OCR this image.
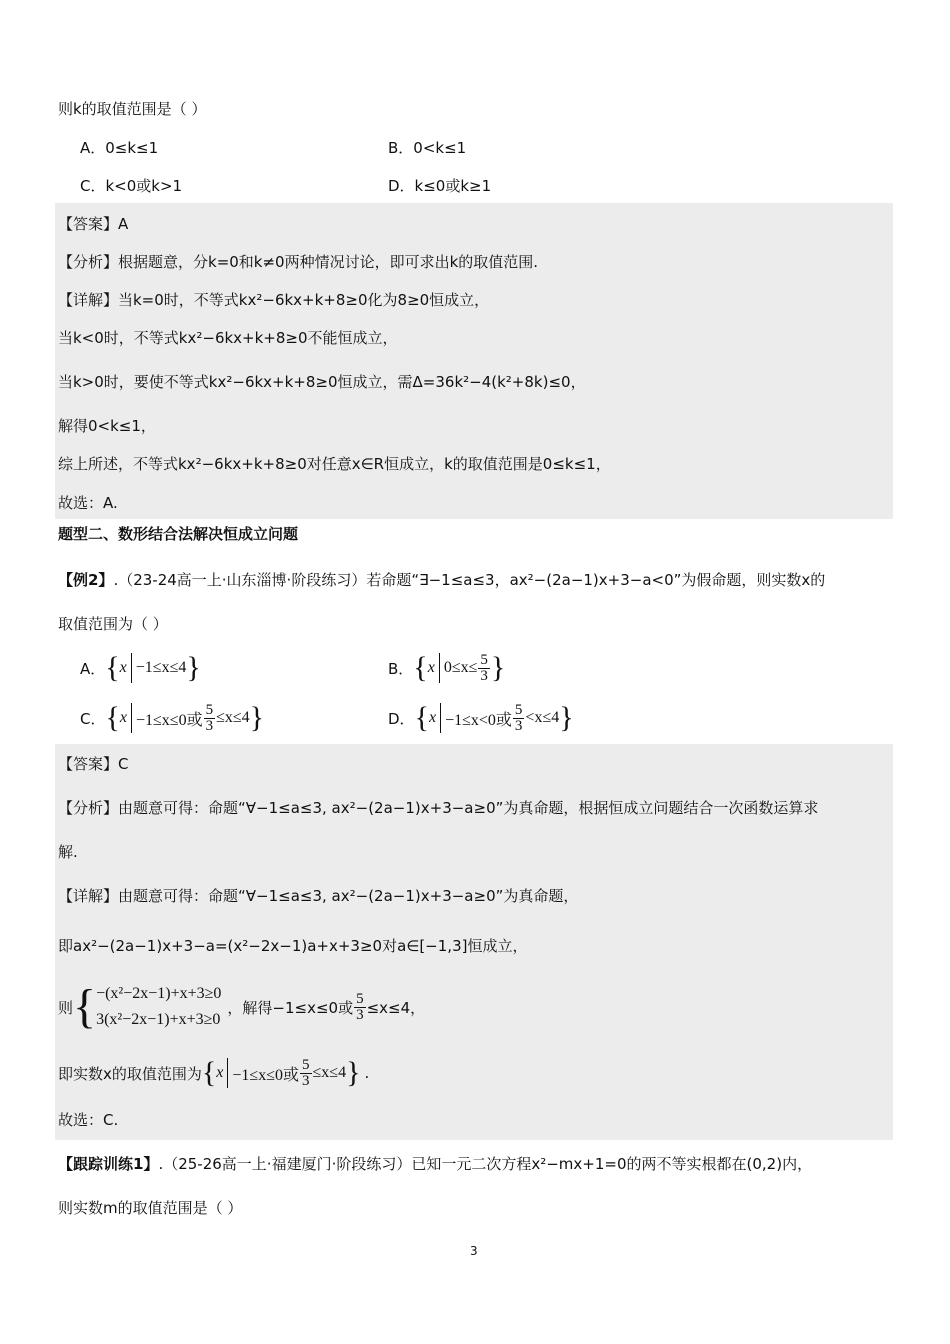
则k的取值范围是（ ）
A．0≤k≤1	B．0<k≤1
C．k<0或k>1	D．k≤0或k≥1
【答案】A
【分析】根据题意，分k=0和k≠0两种情况讨论，即可求出k的取值范围.
【详解】当k=0时，不等式kx²−6kx+k+8≥0化为8≥0恒成立，
当k<0时，不等式kx²−6kx+k+8≥0不能恒成立，
当k>0时，要使不等式kx²−6kx+k+8≥0恒成立，需Δ=36k²−4(k²+8k)≤0，
解得0<k≤1，
综上所述，不等式kx²−6kx+k+8≥0对任意x∈R恒成立，k的取值范围是0≤k≤1，
故选：A.
题型二、数形结合法解决恒成立问题
【例2】.（23-24高一上·山东淄博·阶段练习）若命题“∃−1≤a≤3，ax²−(2a−1)x+3−a<0”为假命题，则实数x的
取值范围为（ ）
A． { x −1≤x≤4 }	B． { x $0\le x\le \frac{5}{3}$ }
C． { x −1≤x≤0或 $\frac{5}{3} \le x\le 4$ }	D． { x −1≤x<0或 $\frac{5}{3} <x\le 4$ }
【答案】C
【分析】由题意可得：命题“∀−1≤a≤3, ax²−(2a−1)x+3−a≥0”为真命题，根据恒成立问题结合一次函数运算求
解.
【详解】由题意可得：命题“∀−1≤a≤3, ax²−(2a−1)x+3−a≥0”为真命题，
即ax²−(2a−1)x+3−a=(x²−2x−1)a+x+3≥0对a∈[−1,3]恒成立，
则 { −(x²−2x−1)+x+3≥0
3(x²−2x−1)+x+3≥0
，解得−1≤x≤0或 $\frac{5}{3} \le x\le 4$，
即实数x的取值范围为 { x −1≤x≤0或 $\frac{5}{3} \le x\le 4$ } .
故选：C.
【跟踪训练1】.（25-26高一上·福建厦门·阶段练习）已知一元二次方程x²−mx+1=0的两不等实根都在(0,2)内，
则实数m的取值范围是（ ）
3
